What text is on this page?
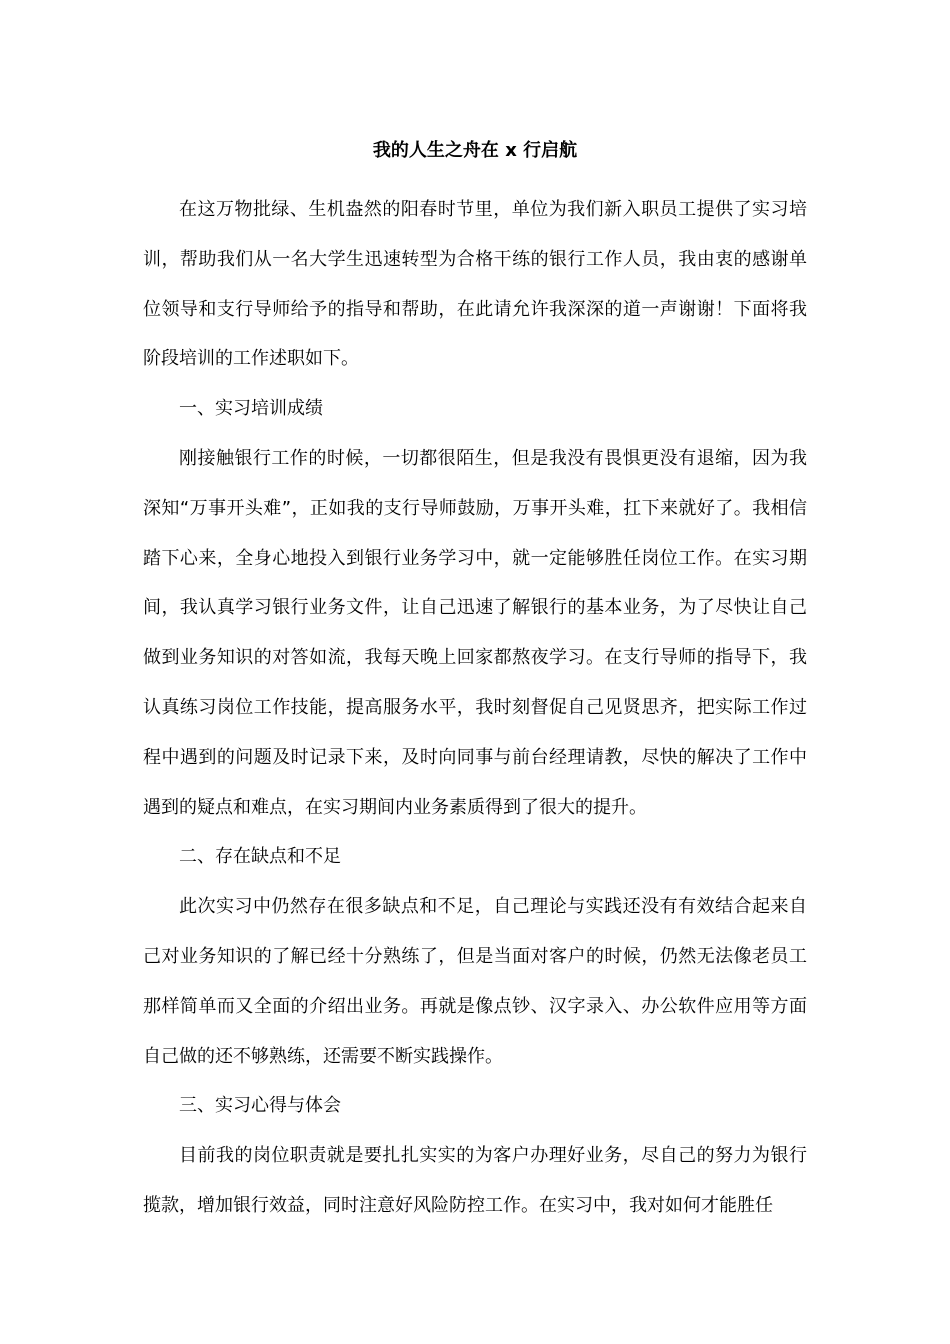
我的人生之舟在 x 行启航

在这万物批绿、生机盎然的阳春时节里，单位为我们新入职员工提供了实习培训，帮助我们从一名大学生迅速转型为合格干练的银行工作人员，我由衷的感谢单位领导和支行导师给予的指导和帮助，在此请允许我深深的道一声谢谢！下面将我阶段培训的工作述职如下。

一、实习培训成绩

刚接触银行工作的时候，一切都很陌生，但是我没有畏惧更没有退缩，因为我深知“万事开头难”，正如我的支行导师鼓励，万事开头难，扛下来就好了。我相信踏下心来，全身心地投入到银行业务学习中，就一定能够胜任岗位工作。在实习期间，我认真学习银行业务文件，让自己迅速了解银行的基本业务，为了尽快让自己做到业务知识的对答如流，我每天晚上回家都熬夜学习。在支行导师的指导下，我认真练习岗位工作技能，提高服务水平，我时刻督促自己见贤思齐，把实际工作过程中遇到的问题及时记录下来，及时向同事与前台经理请教，尽快的解决了工作中遇到的疑点和难点，在实习期间内业务素质得到了很大的提升。

二、存在缺点和不足

此次实习中仍然存在很多缺点和不足，自己理论与实践还没有有效结合起来自己对业务知识的了解已经十分熟练了，但是当面对客户的时候，仍然无法像老员工那样简单而又全面的介绍出业务。再就是像点钞、汉字录入、办公软件应用等方面自己做的还不够熟练，还需要不断实践操作。

三、实习心得与体会

目前我的岗位职责就是要扎扎实实的为客户办理好业务，尽自己的努力为银行揽款，增加银行效益，同时注意好风险防控工作。在实习中，我对如何才能胜任
